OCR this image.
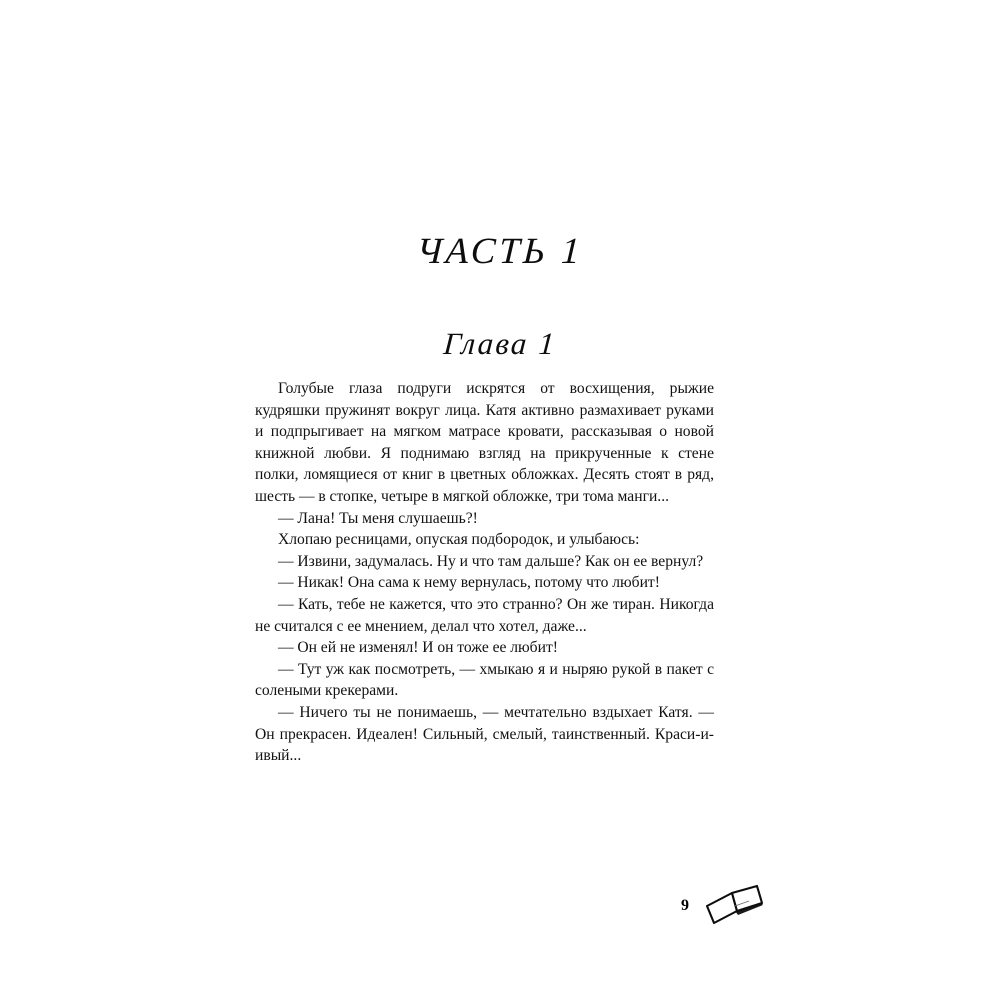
ЧАСТЬ 1
Глава 1

Голубые глаза подруги искрятся от восхищения, рыжие кудряшки пружинят вокруг лица. Катя активно размахивает руками и подпрыгивает на мягком матрасе кровати, рассказывая о новой книжной любви. Я поднимаю взгляд на прикрученные к стене полки, ломящиеся от книг в цветных обложках. Десять стоят в ряд, шесть — в стопке, четыре в мягкой обложке, три тома манги...

— Лана! Ты меня слушаешь?!

Хлопаю ресницами, опуская подбородок, и улыбаюсь:

— Извини, задумалась. Ну и что там дальше? Как он ее вернул?

— Никак! Она сама к нему вернулась, потому что любит!

— Кать, тебе не кажется, что это странно? Он же тиран. Никогда не считался с ее мнением, делал что хотел, даже...

— Он ей не изменял! И он тоже ее любит!

— Тут уж как посмотреть, — хмыкаю я и ныряю рукой в пакет с солеными крекерами.

— Ничего ты не понимаешь, — мечтательно вздыхает Катя. — Он прекрасен. Идеален! Сильный, смелый, таинственный. Краси-и-ивый...

9
